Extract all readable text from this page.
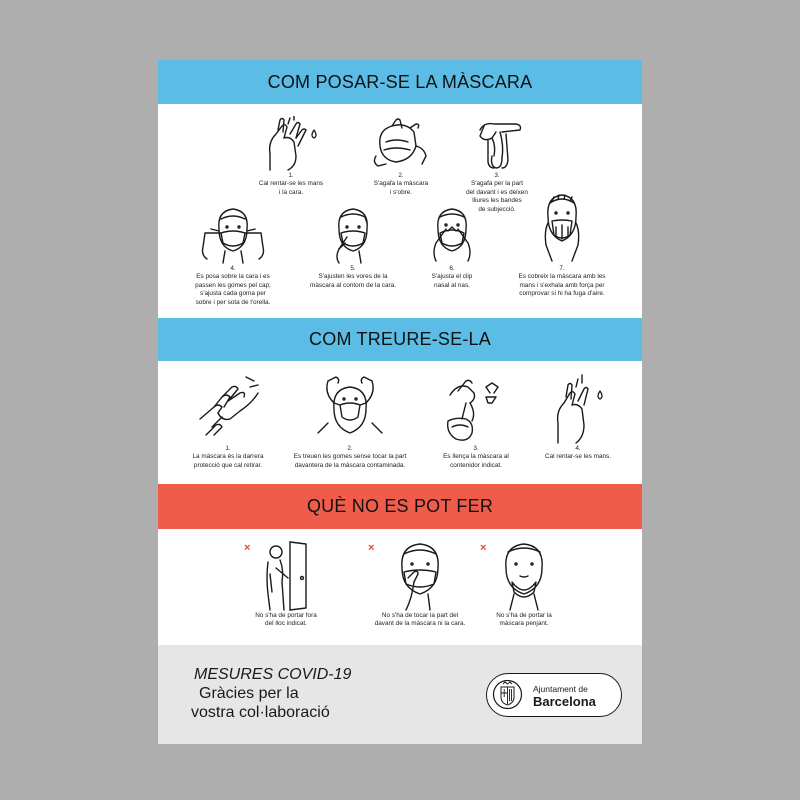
COM POSAR-SE LA MÀSCARA
1.
Cal rentar-se les mans
i la cara.
2.
S'agafa la màscara
i s'obre.
3.
S'agafa per la part
del davant i es deixen
lliures les bandes
de subjecció.
4.
Es posa sobre la cara i es
passen les gomes pel cap;
s'ajusta cada goma per
sobre i per sota de l'orella.
5.
S'ajusten les vores de la
màscara al contorn de la cara.
6.
S'ajusta el clip
nasal al nas.
7.
Es cobreix la màscara amb les
mans i s'exhala amb força per
comprovar si hi ha fuga d'aire.
COM TREURE-SE-LA
1.
La màscara és la darrera
protecció que cal retirar.
2.
Es treuen les gomes sense tocar la part
davantera de la màscara contaminada.
3.
Es llença la màscara al
contenidor indicat.
4.
Cal rentar-se les mans.
QUÈ NO ES POT FER
×
No s'ha de portar fora
del lloc indicat.
×
No s'ha de tocar la part del
davant de la màscara ni la cara.
×
No s'ha de portar la
màscara penjant.
MESURES COVID-19
Gràcies per la
vostra col·laboració
Ajuntament de
Barcelona
